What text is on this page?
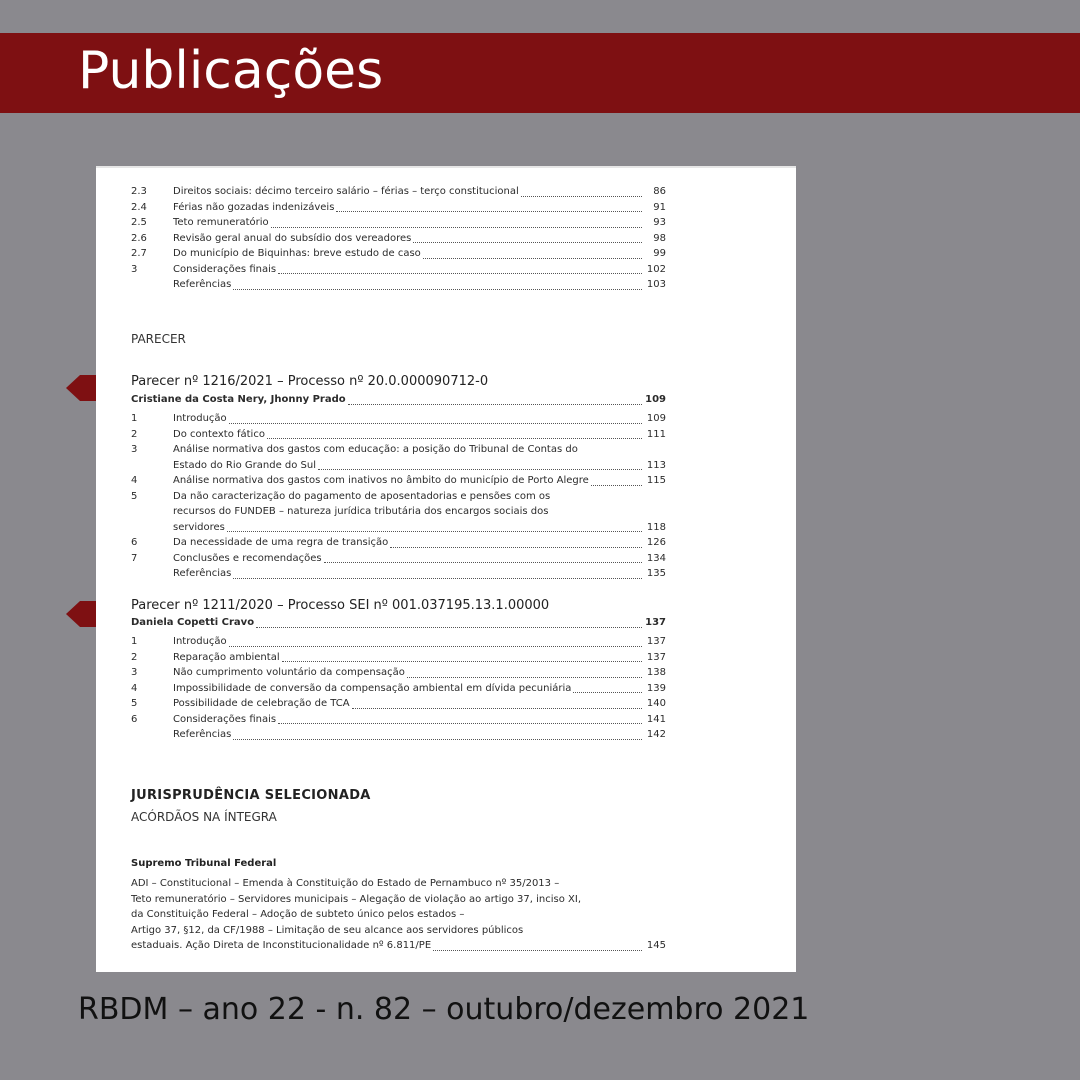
Publicações
2.3	Direitos sociais: décimo terceiro salário – férias – terço constitucional	86
2.4	Férias não gozadas indenizáveis	91
2.5	Teto remuneratório	93
2.6	Revisão geral anual do subsídio dos vereadores	98
2.7	Do município de Biquinhas: breve estudo de caso	99
3	Considerações finais	102
Referências	103
PARECER
Parecer nº 1216/2021 – Processo nº 20.0.000090712-0
Cristiane da Costa Nery, Jhonny Prado	109
1	Introdução	109
2	Do contexto fático	111
3	Análise normativa dos gastos com educação: a posição do Tribunal de Contas do
Estado do Rio Grande do Sul	113
4	Análise normativa dos gastos com inativos no âmbito do município de Porto Alegre	115
5	Da não caracterização do pagamento de aposentadorias e pensões com os
recursos do FUNDEB – natureza jurídica tributária dos encargos sociais dos
servidores	118
6	Da necessidade de uma regra de transição	126
7	Conclusões e recomendações	134
Referências	135
Parecer nº 1211/2020 – Processo SEI nº 001.037195.13.1.00000
Daniela Copetti Cravo	137
1	Introdução	137
2	Reparação ambiental	137
3	Não cumprimento voluntário da compensação	138
4	Impossibilidade de conversão da compensação ambiental em dívida pecuniária	139
5	Possibilidade de celebração de TCA	140
6	Considerações finais	141
Referências	142
JURISPRUDÊNCIA SELECIONADA
ACÓRDÃOS NA ÍNTEGRA
Supremo Tribunal Federal
ADI – Constitucional – Emenda à Constituição do Estado de Pernambuco nº 35/2013 –
Teto remuneratório – Servidores municipais – Alegação de violação ao artigo 37, inciso XI,
da Constituição Federal – Adoção de subteto único pelos estados –
Artigo 37, §12, da CF/1988 – Limitação de seu alcance aos servidores públicos
estaduais. Ação Direta de Inconstitucionalidade nº 6.811/PE	145
RBDM – ano 22 - n. 82 – outubro/dezembro 2021
